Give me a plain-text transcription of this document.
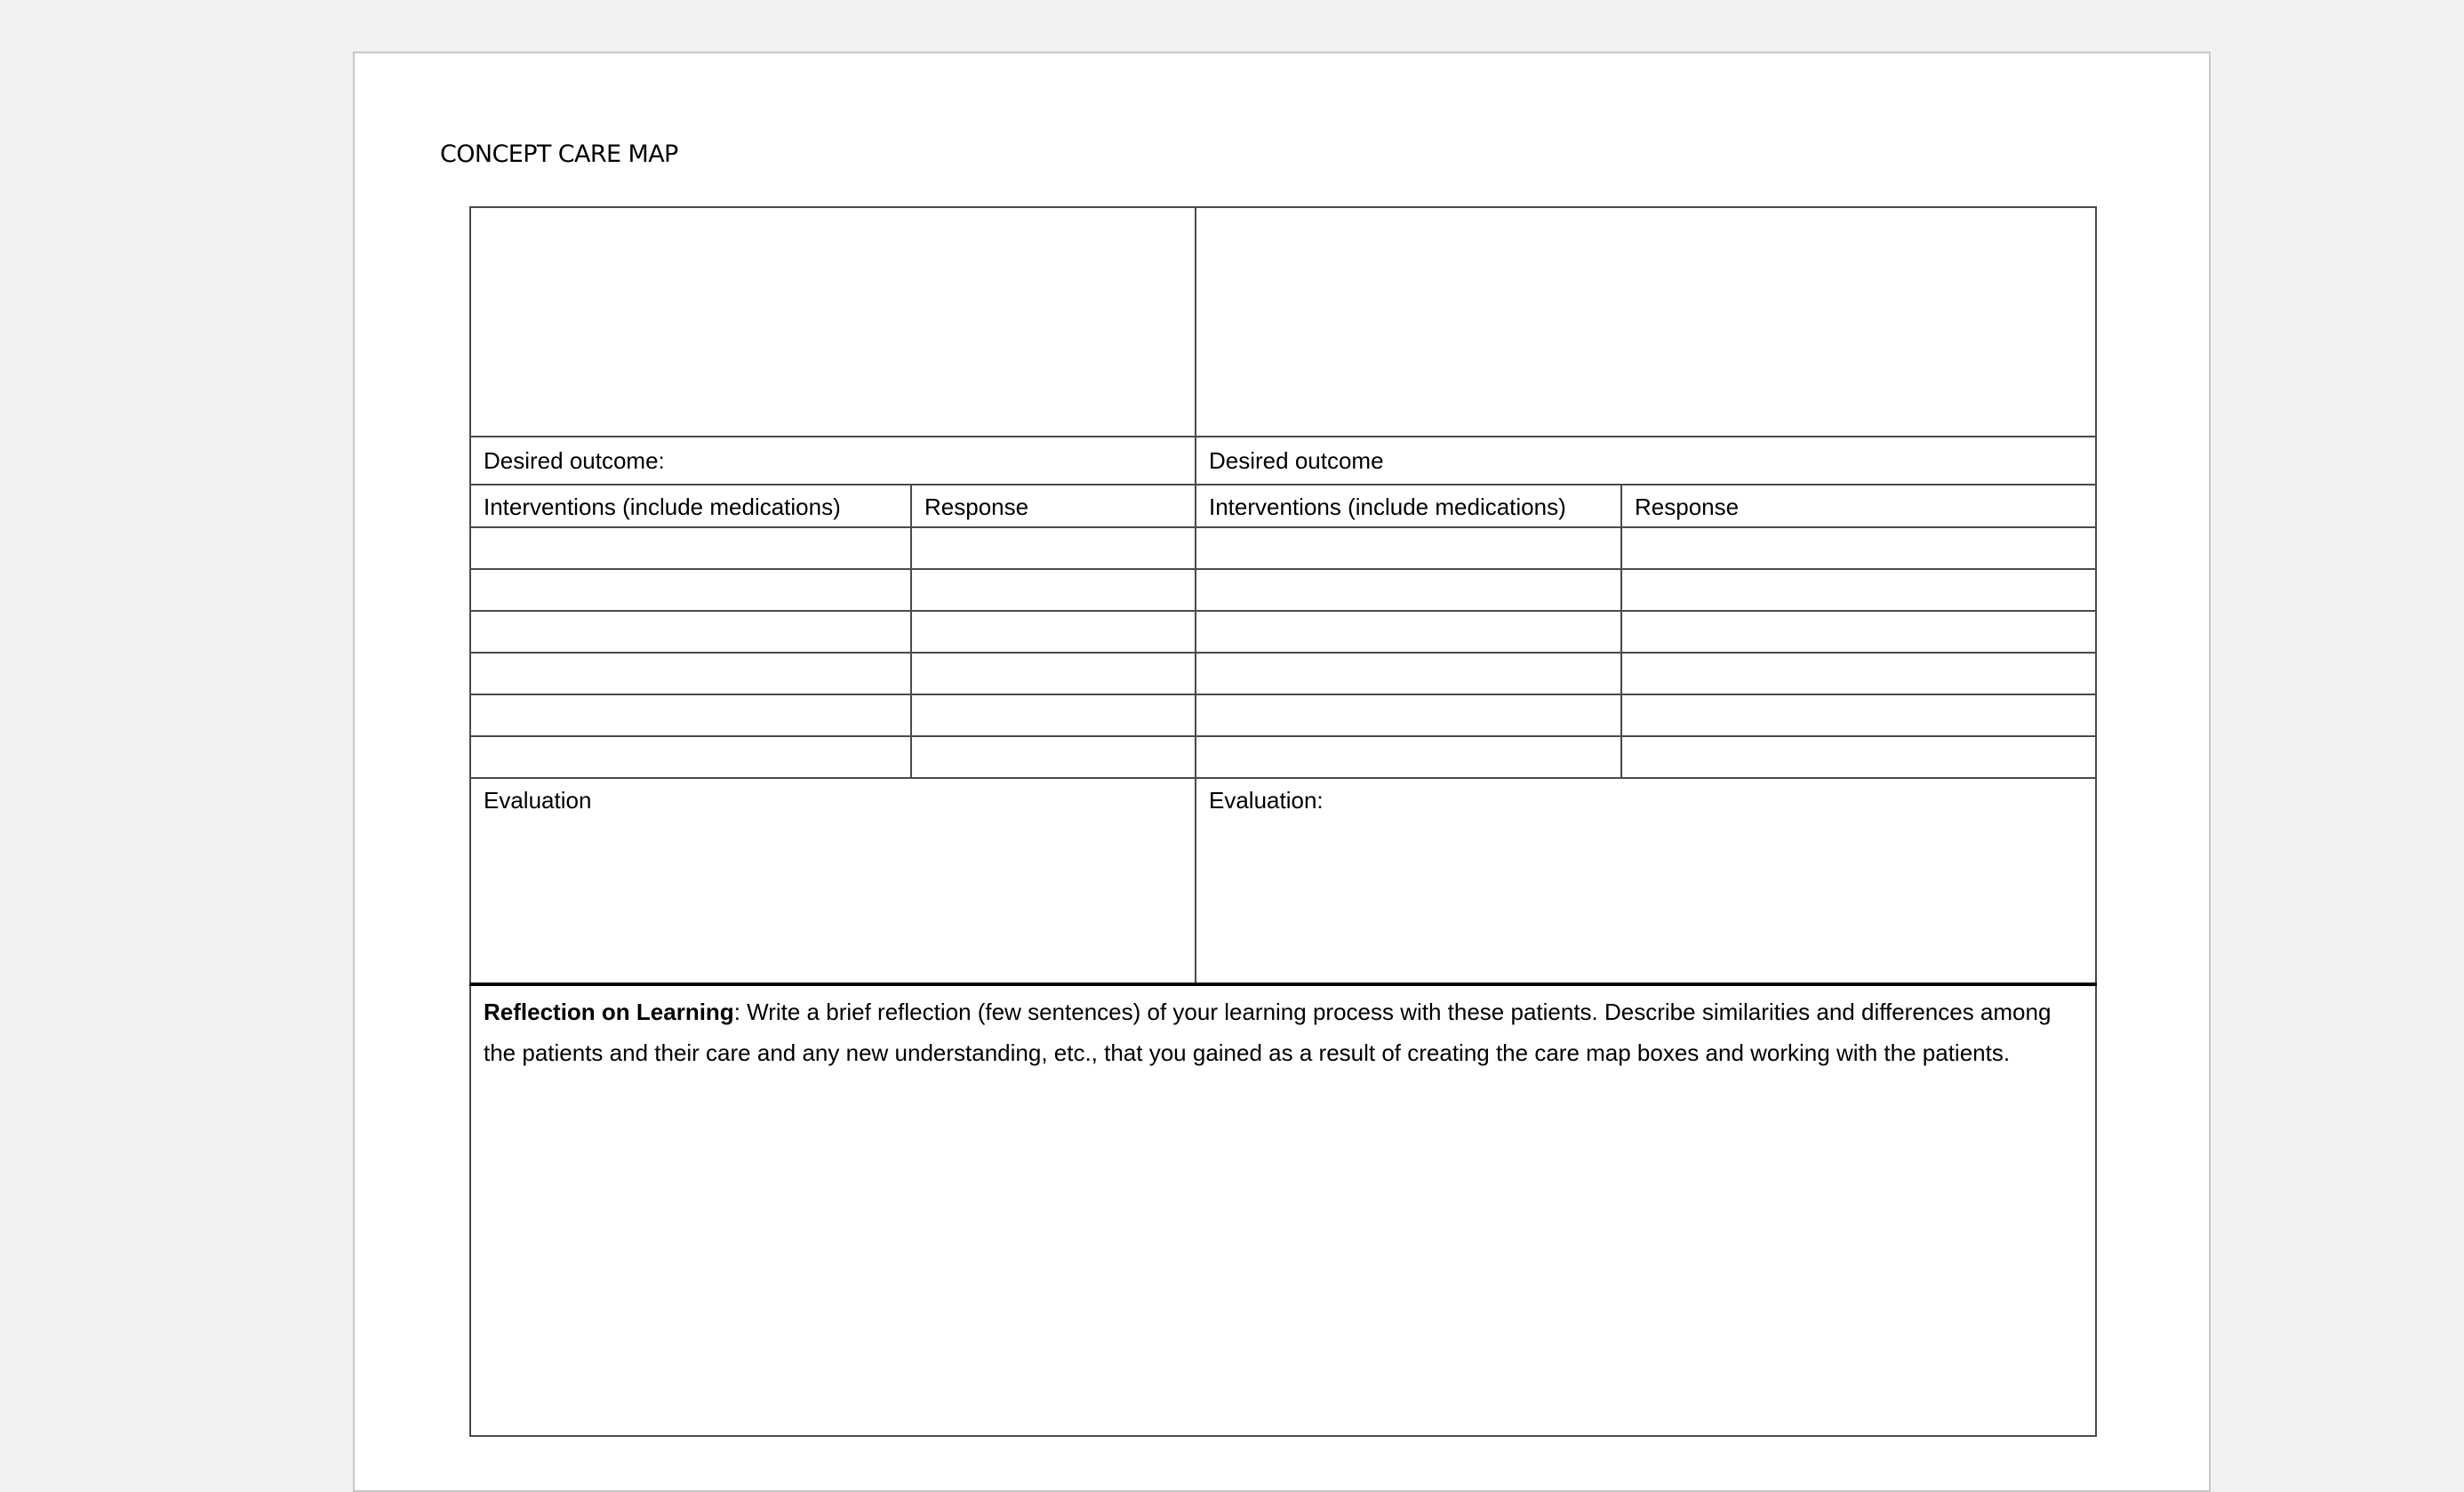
CONCEPT CARE MAP

Desired outcome:		Desired outcome	
Interventions (include medications)	Response	Interventions (include medications)	Response

Evaluation		Evaluation:	
Reflection on Learning: Write a brief reflection (few sentences) of your learning process with these patients. Describe similarities and differences among the patients and their care and any new understanding, etc., that you gained as a result of creating the care map boxes and working with the patients.			
